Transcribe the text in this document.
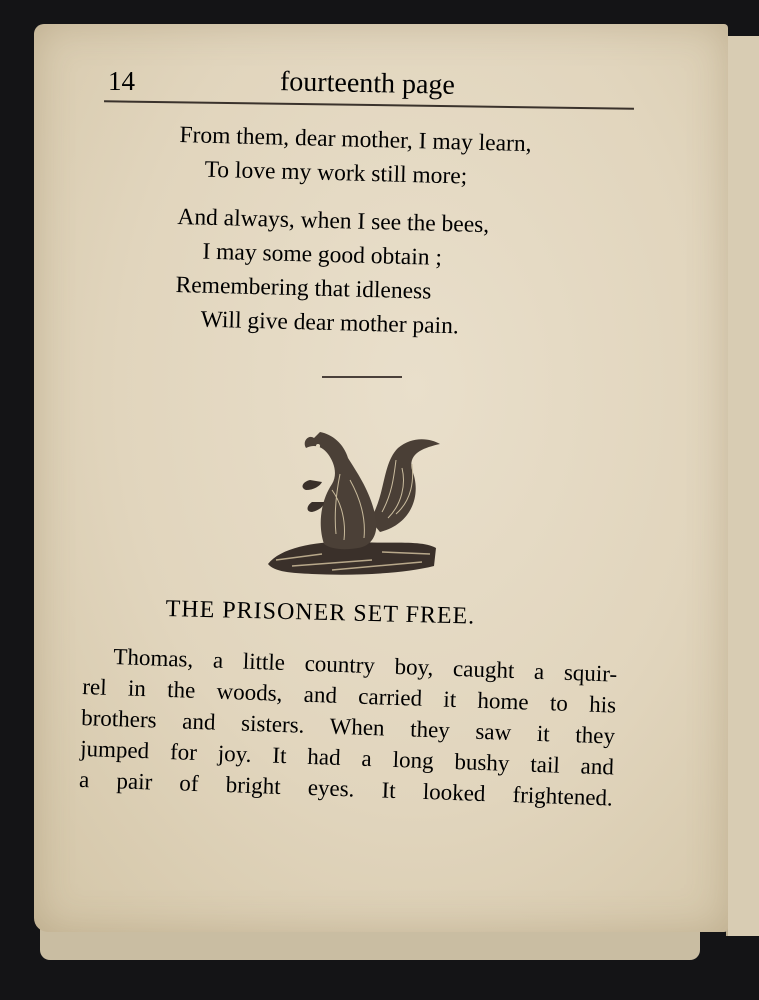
14	fourteenth page
From them, dear mother, I may learn,
To love my work still more;
And always, when I see the bees,
I may some good obtain ;
Remembering that idleness
Will give dear mother pain.
THE PRISONER SET FREE.
Thomas, a little country boy, caught a squir-
rel in the woods, and carried it home to his
brothers and sisters. When they saw it they
jumped for joy. It had a long bushy tail and
a pair of bright eyes. It looked frightened.
